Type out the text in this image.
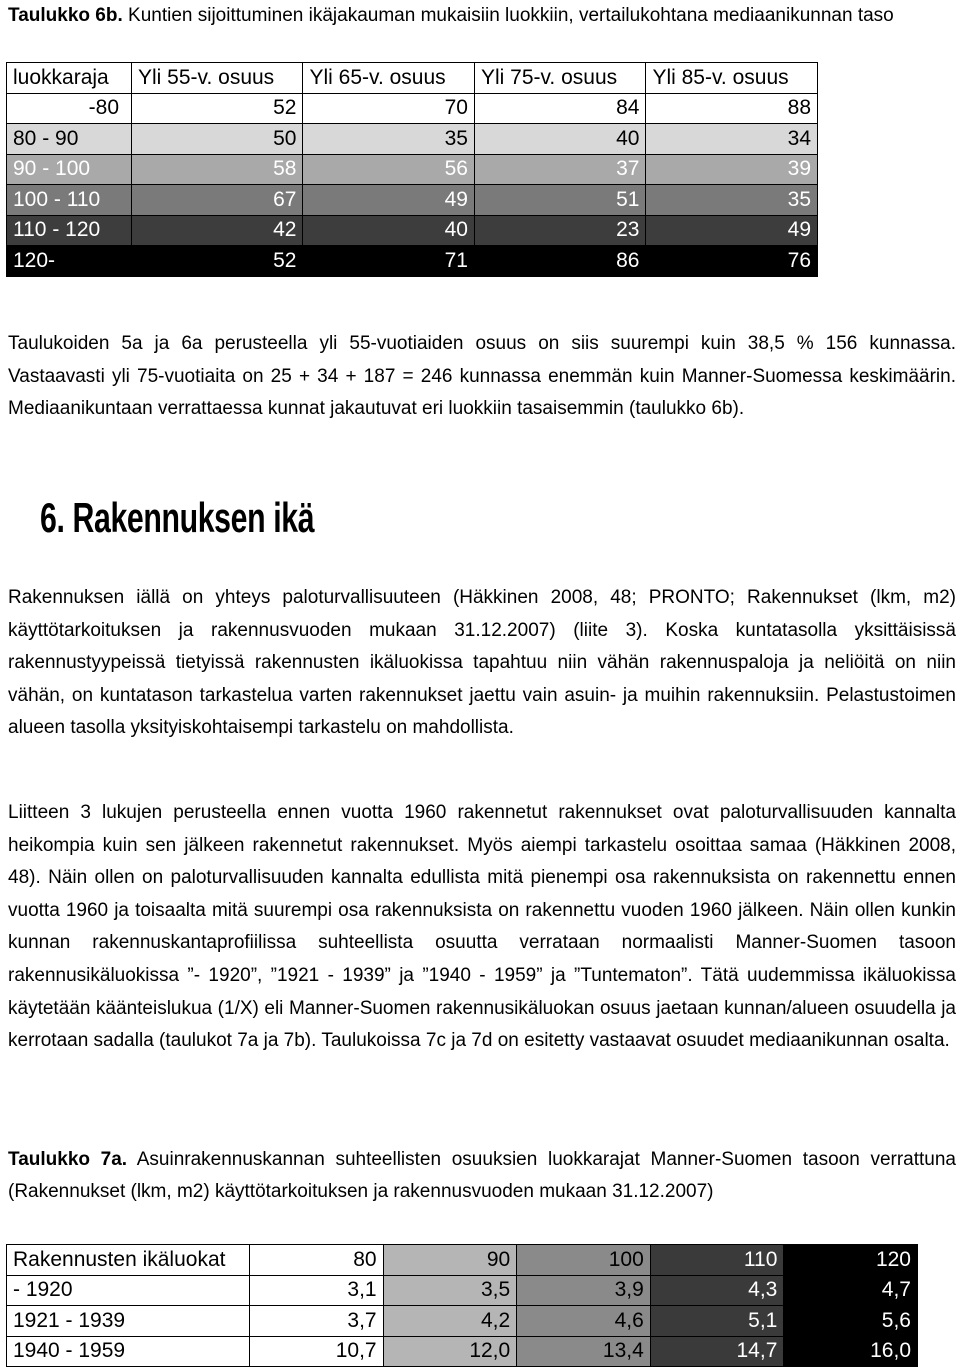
Taulukko 6b. Kuntien sijoittuminen ikäjakauman mukaisiin luokkiin, vertailukohtana mediaanikunnan taso
luokkaraja	Yli 55-v. osuus	Yli 65-v. osuus	Yli 75-v. osuus	Yli 85-v. osuus
-80	52	70	84	88
80 - 90	50	35	40	34
90 - 100	58	56	37	39
100 - 110	67	49	51	35
110 - 120	42	40	23	49
120-	52	71	86	76
Taulukoiden 5a ja 6a perusteella yli 55-vuotiaiden osuus on siis suurempi kuin 38,5 % 156 kunnassa. Vastaavasti yli 75-vuotiaita on 25 + 34 + 187 = 246 kunnassa enemmän kuin Manner-Suomessa keskimäärin. Mediaanikuntaan verrattaessa kunnat jakautuvat eri luokkiin tasaisemmin (taulukko 6b).
6. Rakennuksen ikä
Rakennuksen iällä on yhteys paloturvallisuuteen (Häkkinen 2008, 48; PRONTO; Rakennukset (lkm, m2) käyttötarkoituksen ja rakennusvuoden mukaan 31.12.2007) (liite 3). Koska kuntatasolla yksittäisissä rakennustyypeissä tietyissä rakennusten ikäluokissa tapahtuu niin vähän rakennuspaloja ja neliöitä on niin vähän, on kuntatason tarkastelua varten rakennukset jaettu vain asuin- ja muihin rakennuksiin. Pelastustoimen alueen tasolla yksityiskohtaisempi tarkastelu on mahdollista.
Liitteen 3 lukujen perusteella ennen vuotta 1960 rakennetut rakennukset ovat paloturvallisuuden kannalta heikompia kuin sen jälkeen rakennetut rakennukset. Myös aiempi tarkastelu osoittaa samaa (Häkkinen 2008, 48). Näin ollen on paloturvallisuuden kannalta edullista mitä pienempi osa rakennuksista on rakennettu ennen vuotta 1960 ja toisaalta mitä suurempi osa rakennuksista on rakennettu vuoden 1960 jälkeen. Näin ollen kunkin kunnan rakennuskantaprofiilissa suhteellista osuutta verrataan normaalisti Manner-Suomen tasoon rakennusikäluokissa ”- 1920”, ”1921 - 1939” ja ”1940 - 1959” ja ”Tuntematon”. Tätä uudemmissa ikäluokissa käytetään käänteislukua (1/X) eli Manner-Suomen rakennusikäluokan osuus jaetaan kunnan/alueen osuudella ja kerrotaan sadalla (taulukot 7a ja 7b). Taulukoissa 7c ja 7d on esitetty vastaavat osuudet mediaanikunnan osalta.
Taulukko 7a. Asuinrakennuskannan suhteellisten osuuksien luokkarajat Manner-Suomen tasoon verrattuna (Rakennukset (lkm, m2) käyttötarkoituksen ja rakennusvuoden mukaan 31.12.2007)
Rakennusten ikäluokat	80	90	100	110	120
- 1920	3,1	3,5	3,9	4,3	4,7
1921 - 1939	3,7	4,2	4,6	5,1	5,6
1940 - 1959	10,7	12,0	13,4	14,7	16,0
